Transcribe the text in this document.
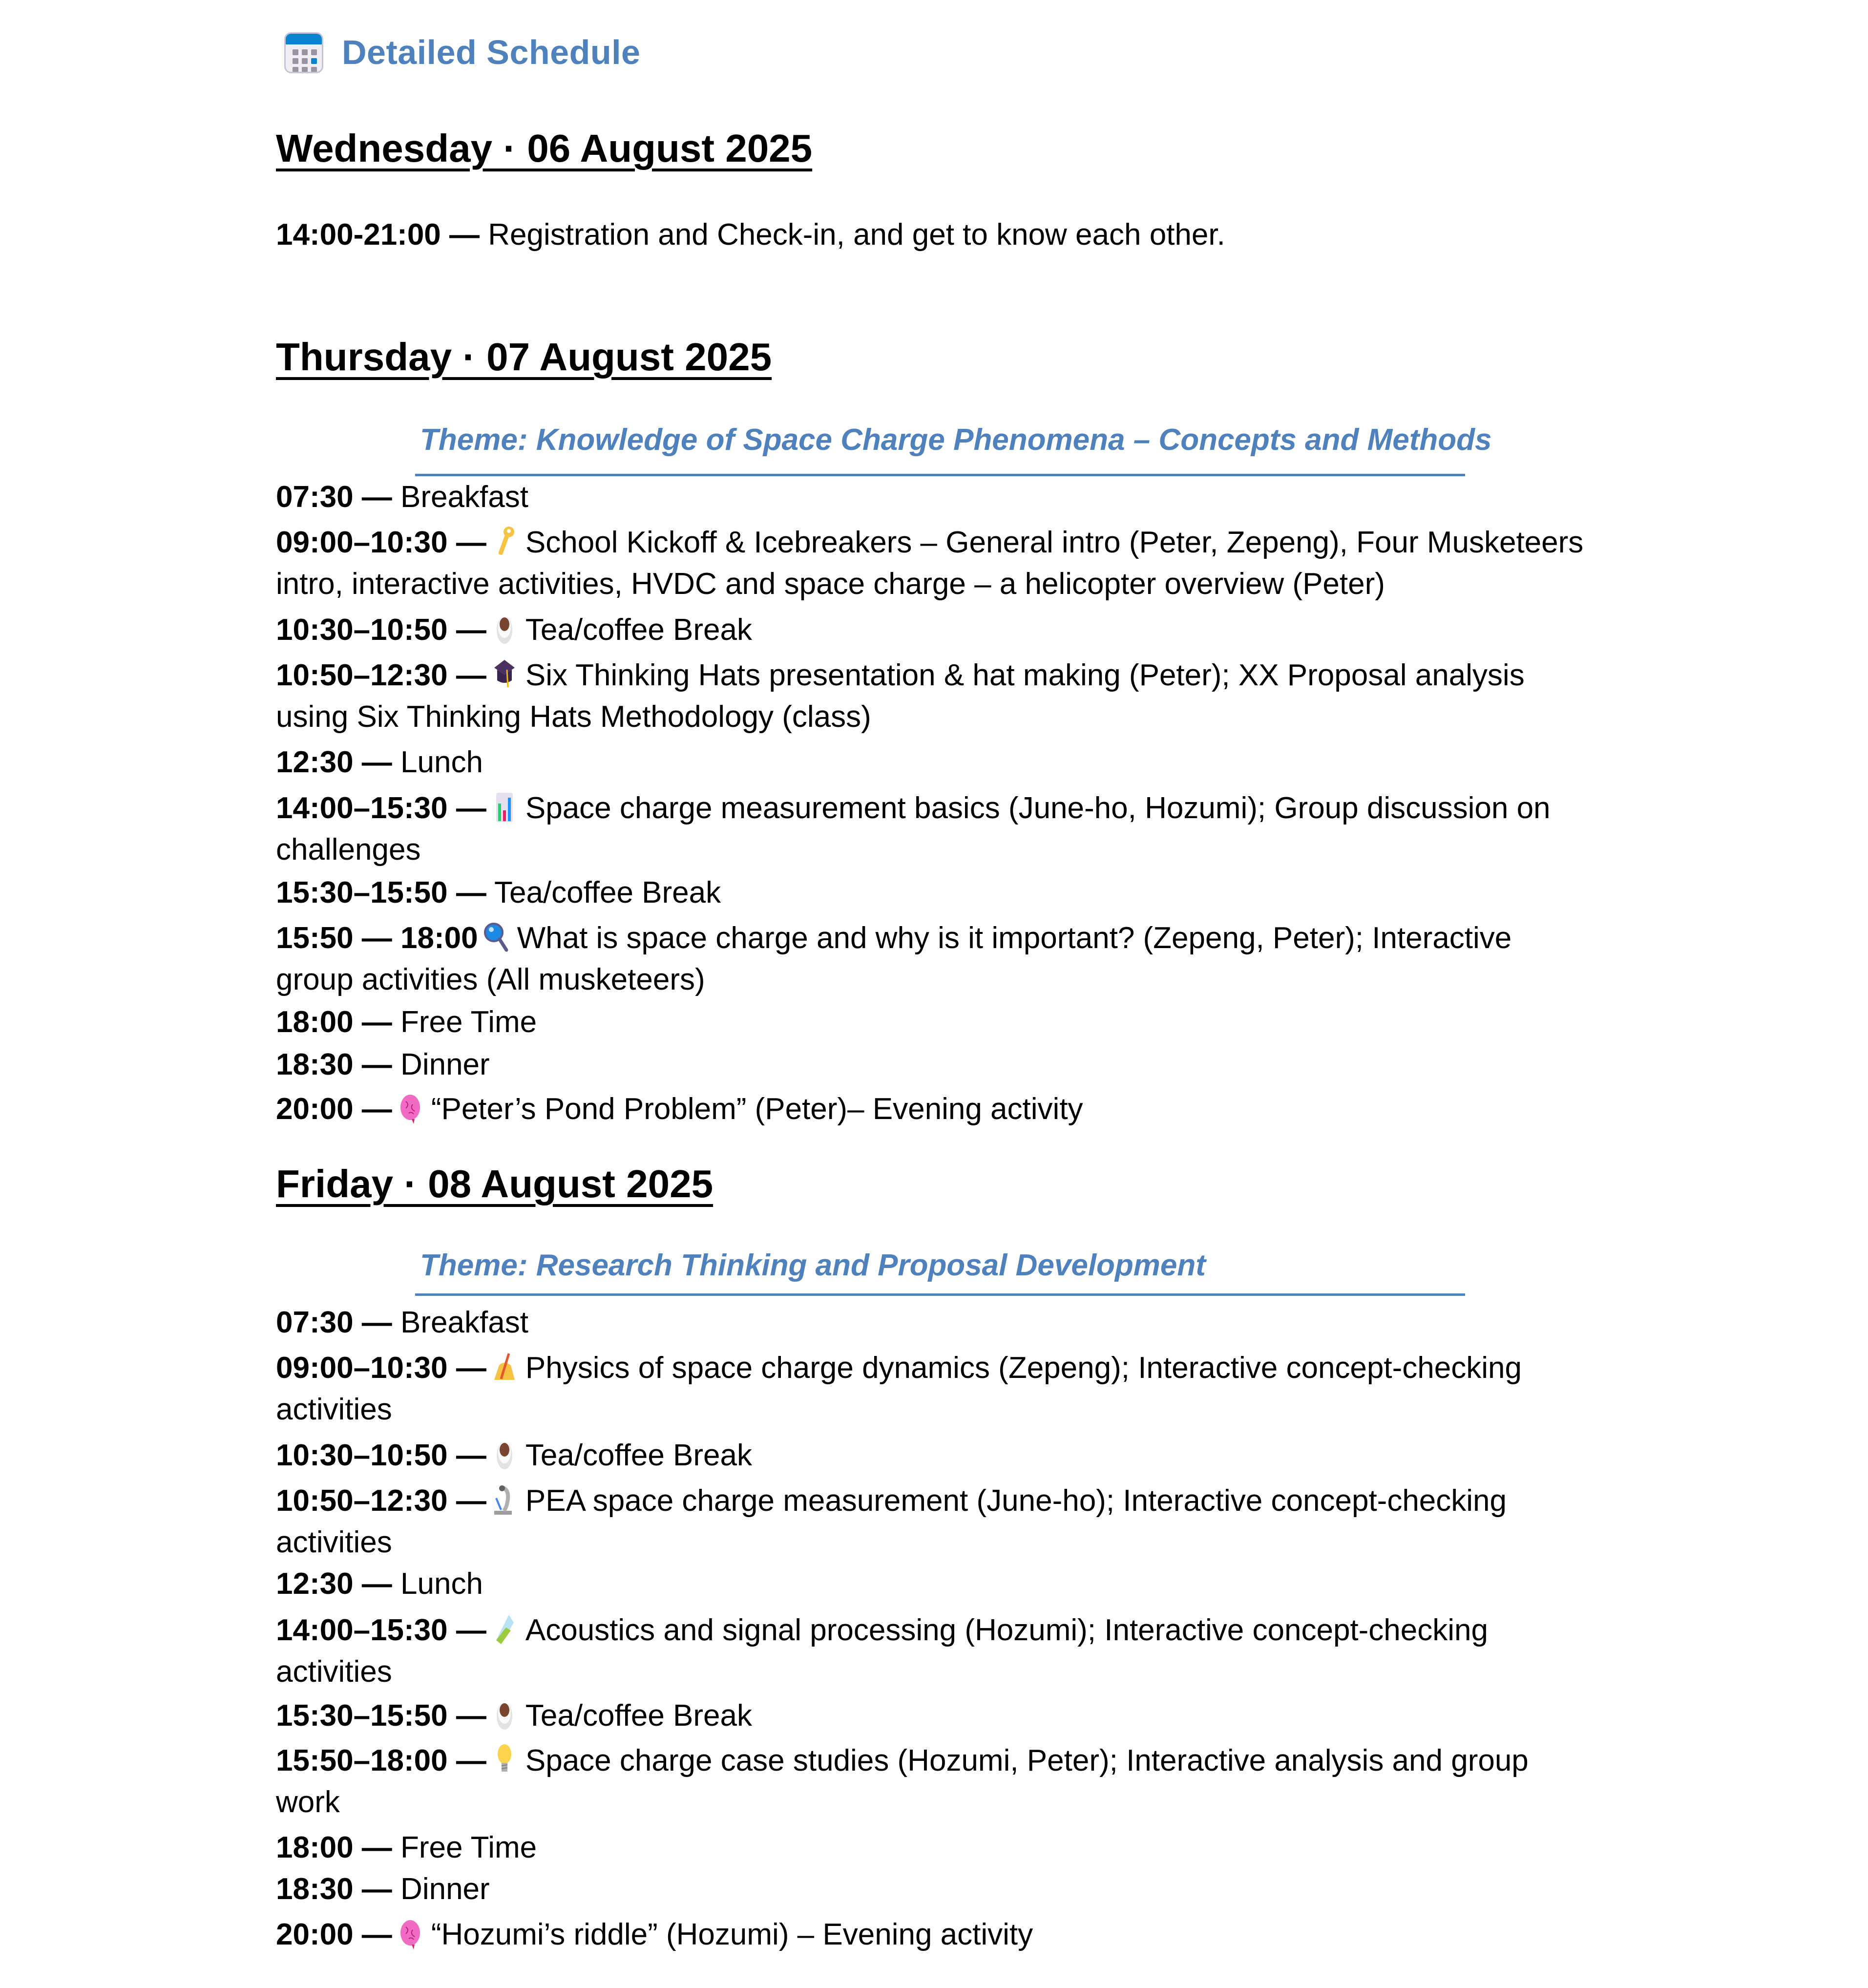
Detailed Schedule
Wednesday · 06 August 2025
14:00-21:00 — Registration and Check-in, and get to know each other.
Thursday · 07 August 2025
Theme: Knowledge of Space Charge Phenomena – Concepts and Methods
07:30 — Breakfast
09:00–10:30 — School Kickoff & Icebreakers – General intro (Peter, Zepeng), Four Musketeers intro, interactive activities, HVDC and space charge – a helicopter overview (Peter)
10:30–10:50 — Tea/coffee Break
10:50–12:30 — Six Thinking Hats presentation & hat making (Peter); XX Proposal analysis using Six Thinking Hats Methodology (class)
12:30 — Lunch
14:00–15:30 — Space charge measurement basics (June-ho, Hozumi); Group discussion on challenges
15:30–15:50 — Tea/coffee Break
15:50 — 18:00 What is space charge and why is it important? (Zepeng, Peter); Interactive group activities (All musketeers)
18:00 — Free Time
18:30 — Dinner
20:00 — “Peter’s Pond Problem” (Peter)– Evening activity
Friday · 08 August 2025
Theme: Research Thinking and Proposal Development
07:30 — Breakfast
09:00–10:30 — Physics of space charge dynamics (Zepeng); Interactive concept-checking activities
10:30–10:50 — Tea/coffee Break
10:50–12:30 — PEA space charge measurement (June-ho); Interactive concept-checking activities
12:30 — Lunch
14:00–15:30 — Acoustics and signal processing (Hozumi); Interactive concept-checking activities
15:30–15:50 — Tea/coffee Break
15:50–18:00 — Space charge case studies (Hozumi, Peter); Interactive analysis and group work
18:00 — Free Time
18:30 — Dinner
20:00 — “Hozumi’s riddle” (Hozumi) – Evening activity
